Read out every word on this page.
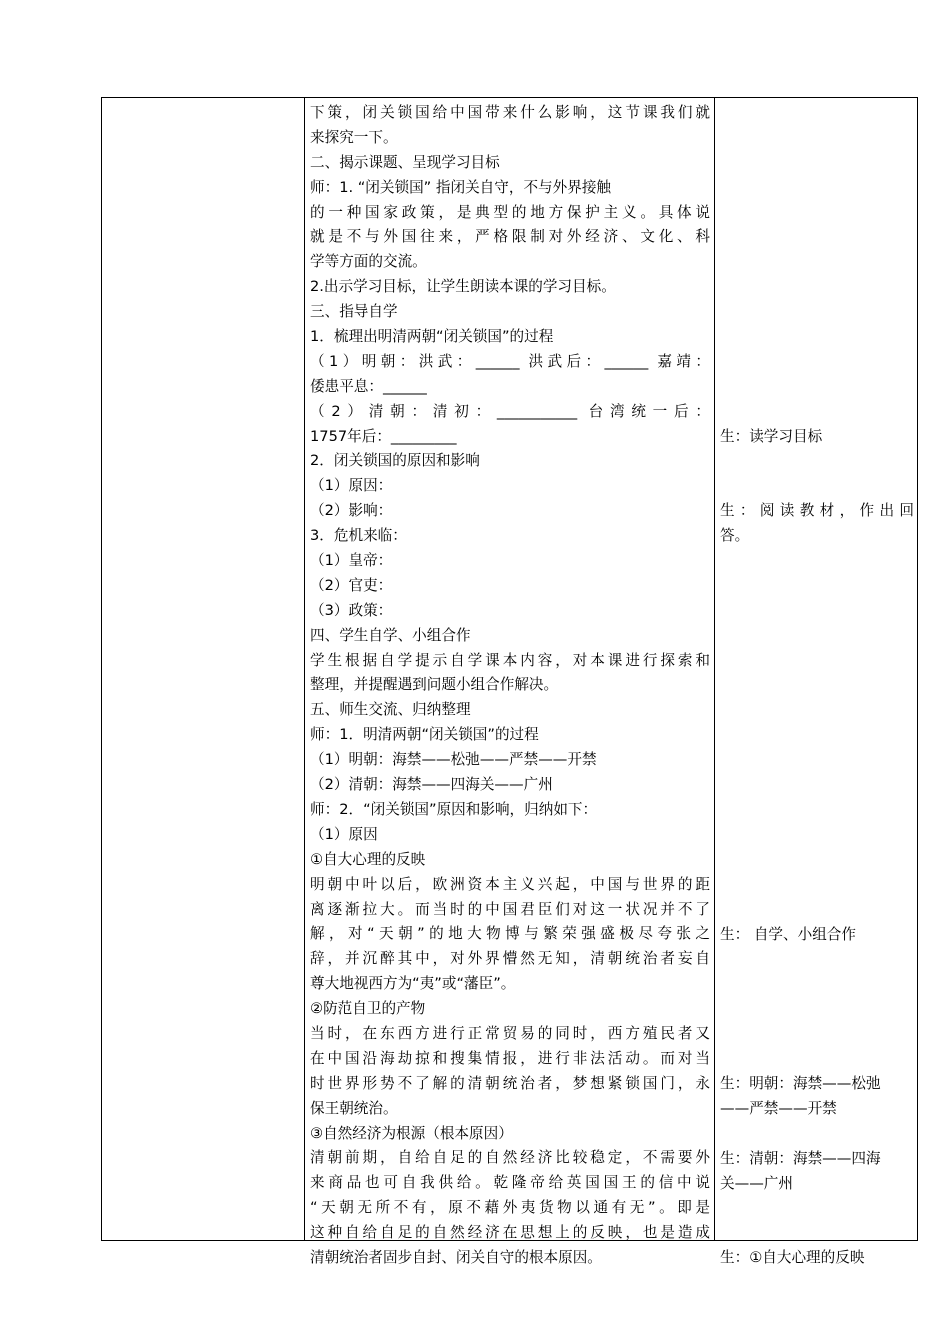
下策，闭关锁国给中国带来什么影响，这节课我们就
来探究一下。
二、揭示课题、呈现学习目标
师：1. “闭关锁国” 指闭关自守，不与外界接触
的一种国家政策，是典型的地方保护主义。具体说
就是不与外国往来，严格限制对外经济、文化、科
学等方面的交流。
2.出示学习目标，让学生朗读本课的学习目标。
三、指导自学
1．梳理出明清两朝“闭关锁国”的过程
（1）明朝：洪武：______ 洪武后：______ 嘉靖：
倭患平息：______
（2）清朝：清初：___________ 台湾统一后：
1757年后：_________
2．闭关锁国的原因和影响
（1）原因：
（2）影响：
3．危机来临：
（1）皇帝：
（2）官吏：
（3）政策：
四、学生自学、小组合作
学生根据自学提示自学课本内容，对本课进行探索和
整理，并提醒遇到问题小组合作解决。
五、师生交流、归纳整理
师：1．明清两朝“闭关锁国”的过程
（1）明朝：海禁——松弛——严禁——开禁
（2）清朝：海禁——四海关——广州
师：2．“闭关锁国”原因和影响，归纳如下：
（1）原因
①自大心理的反映
明朝中叶以后，欧洲资本主义兴起，中国与世界的距
离逐渐拉大。而当时的中国君臣们对这一状况并不了
解，对“天朝”的地大物博与繁荣强盛极尽夸张之
辞，并沉醉其中，对外界懵然无知，清朝统治者妄自
尊大地视西方为“夷”或“藩臣”。
②防范自卫的产物
当时，在东西方进行正常贸易的同时，西方殖民者又
在中国沿海劫掠和搜集情报，进行非法活动。而对当
时世界形势不了解的清朝统治者，梦想紧锁国门，永
保王朝统治。
③自然经济为根源（根本原因）
清朝前期，自给自足的自然经济比较稳定，不需要外
来商品也可自我供给。乾隆帝给英国国王的信中说
“天朝无所不有，原不藉外夷货物以通有无”。即是
这种自给自足的自然经济在思想上的反映，也是造成
清朝统治者固步自封、闭关自守的根本原因。
生：读学习目标
生：阅读教材，作出回
答。
生： 自学、小组合作
生：明朝：海禁——松弛
——严禁——开禁
生：清朝：海禁——四海
关——广州
生：①自大心理的反映
